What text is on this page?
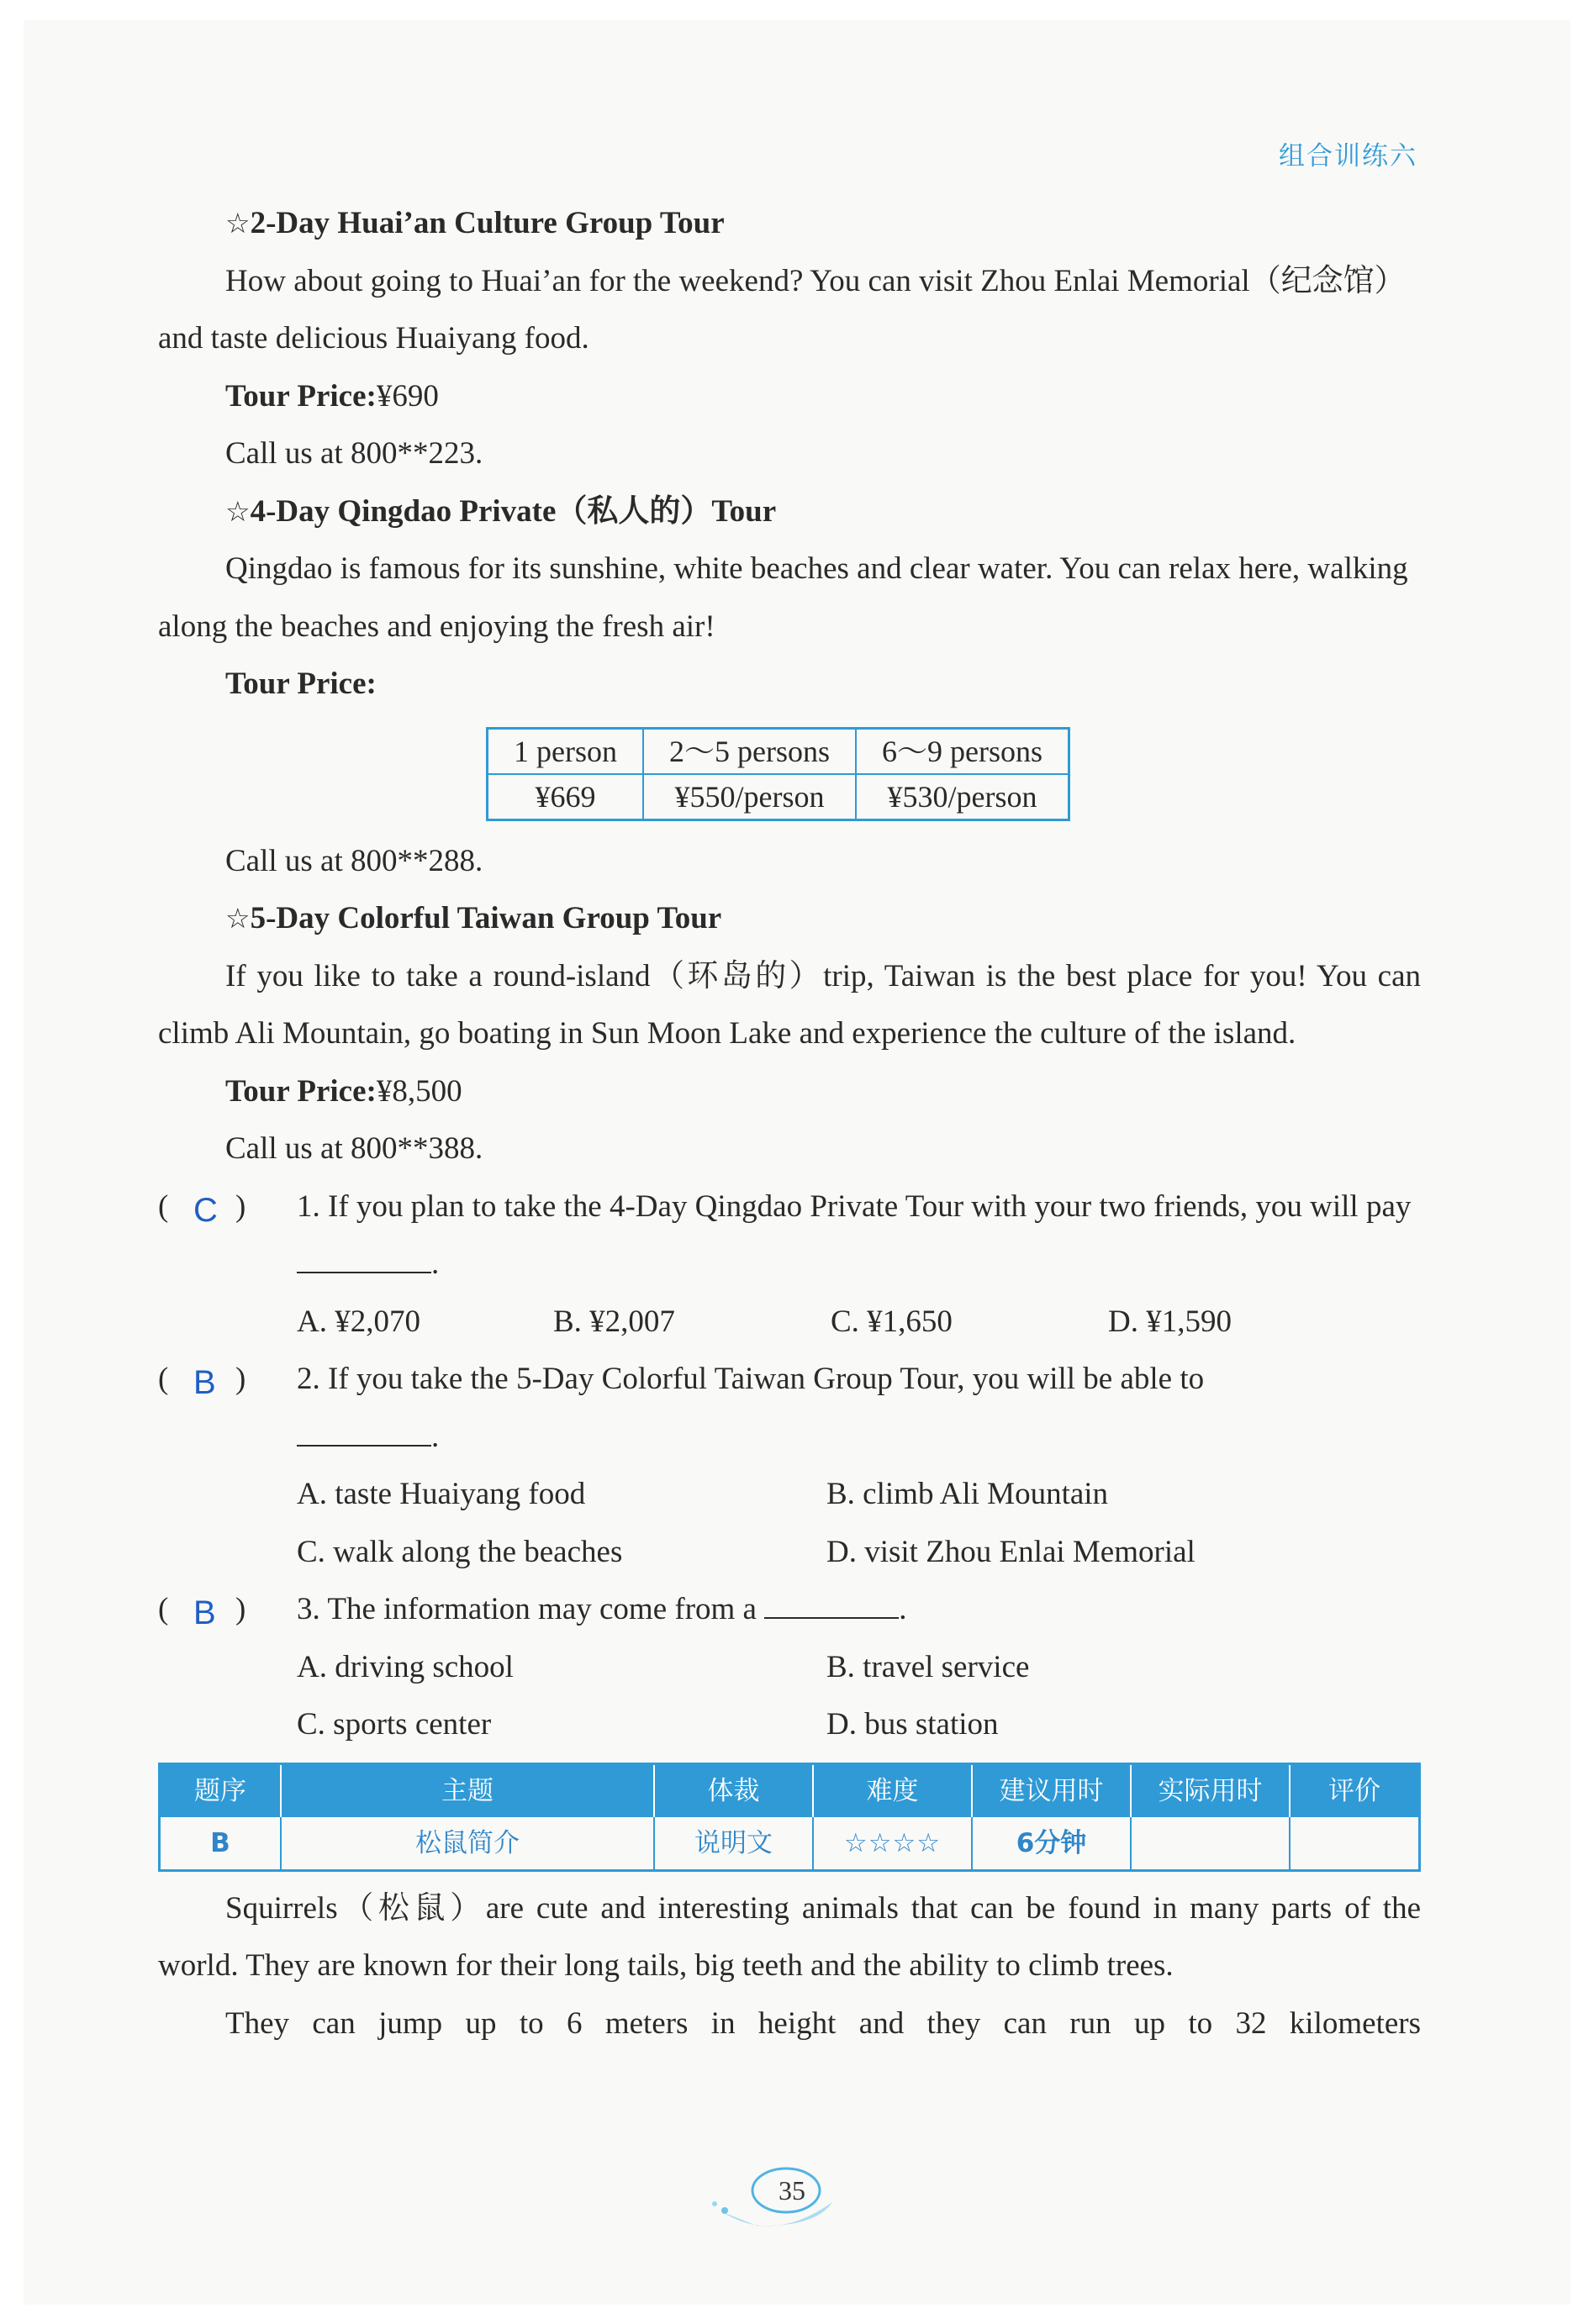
组合训练六

☆2-Day Huai’an Culture Group Tour

How about going to Huai’an for the weekend? You can visit Zhou Enlai Memorial（纪念馆）and taste delicious Huaiyang food.

Tour Price:¥690

Call us at 800**223.

☆4-Day Qingdao Private（私人的）Tour

Qingdao is famous for its sunshine, white beaches and clear water. You can relax here, walking along the beaches and enjoying the fresh air!

Tour Price:

1 person	2～5 persons	6～9 persons
¥669	¥550/person	¥530/person

Call us at 800**288.

☆5-Day Colorful Taiwan Group Tour

If you like to take a round-island（环岛的）trip, Taiwan is the best place for you! You can climb Ali Mountain, go boating in Sun Moon Lake and experience the culture of the island.

Tour Price:¥8,500

Call us at 800**388.

( C )	1. If you plan to take the 4-Day Qingdao Private Tour with your two friends, you will pay .
A. ¥2,070	B. ¥2,007	C. ¥1,650	D. ¥1,590
( B )	2. If you take the 5-Day Colorful Taiwan Group Tour, you will be able to
.
A. taste Huaiyang food	B. climb Ali Mountain
C. walk along the beaches	D. visit Zhou Enlai Memorial
( B )	3. The information may come from a	.
A. driving school	B. travel service
C. sports center	D. bus station
题序	主题	体裁	难度	建议用时	实际用时	评价
B	松鼠简介	说明文	☆☆☆☆	6分钟		

Squirrels（松鼠）are cute and interesting animals that can be found in many parts of the world. They are known for their long tails, big teeth and the ability to climb trees.

They can jump up to 6 meters in height and they can run up to 32 kilometers

35
